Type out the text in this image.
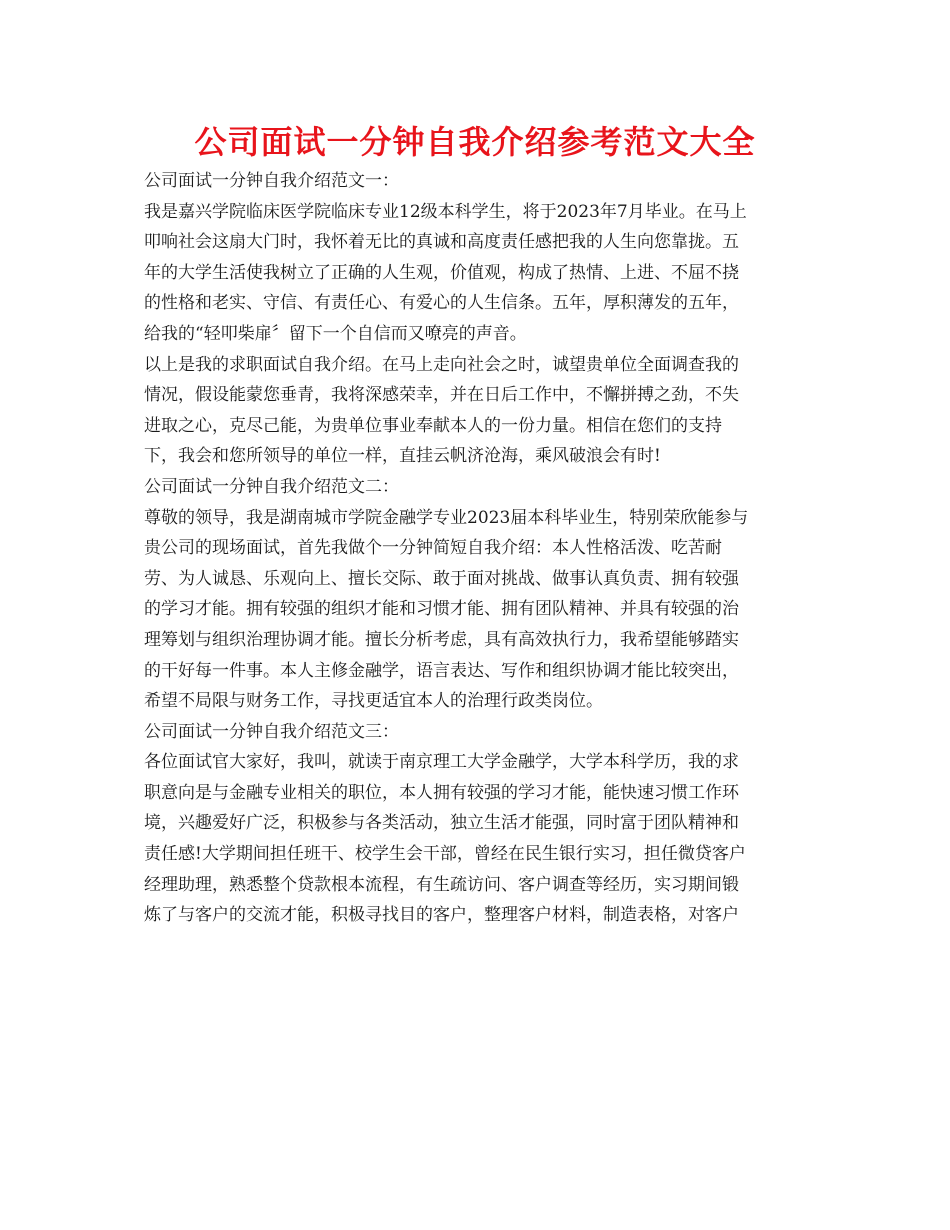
公司面试一分钟自我介绍参考范文大全
公司面试一分钟自我介绍范文一：
我是嘉兴学院临床医学院临床专业12级本科学生，将于2023年7月毕业。在马上
叩响社会这扇大门时，我怀着无比的真诚和高度责任感把我的人生向您靠拢。五
年的大学生活使我树立了正确的人生观，价值观，构成了热情、上进、不屈不挠
的性格和老实、守信、有责任心、有爱心的人生信条。五年，厚积薄发的五年，
给我的“轻叩柴扉〞留下一个自信而又嘹亮的声音。
以上是我的求职面试自我介绍。在马上走向社会之时，诚望贵单位全面调查我的
情况，假设能蒙您垂青，我将深感荣幸，并在日后工作中，不懈拼搏之劲，不失
进取之心，克尽己能，为贵单位事业奉献本人的一份力量。相信在您们的支持
下，我会和您所领导的单位一样，直挂云帆济沧海，乘风破浪会有时!
公司面试一分钟自我介绍范文二：
尊敬的领导，我是湖南城市学院金融学专业2023届本科毕业生，特别荣欣能参与
贵公司的现场面试，首先我做个一分钟简短自我介绍：本人性格活泼、吃苦耐
劳、为人诚恳、乐观向上、擅长交际、敢于面对挑战、做事认真负责、拥有较强
的学习才能。拥有较强的组织才能和习惯才能、拥有团队精神、并具有较强的治
理筹划与组织治理协调才能。擅长分析考虑，具有高效执行力，我希望能够踏实
的干好每一件事。本人主修金融学，语言表达、写作和组织协调才能比较突出，
希望不局限与财务工作，寻找更适宜本人的治理行政类岗位。
公司面试一分钟自我介绍范文三：
各位面试官大家好，我叫，就读于南京理工大学金融学，大学本科学历，我的求
职意向是与金融专业相关的职位，本人拥有较强的学习才能，能快速习惯工作环
境，兴趣爱好广泛，积极参与各类活动，独立生活才能强，同时富于团队精神和
责任感!大学期间担任班干、校学生会干部，曾经在民生银行实习，担任微贷客户
经理助理，熟悉整个贷款根本流程，有生疏访问、客户调查等经历，实习期间锻
炼了与客户的交流才能，积极寻找目的客户，整理客户材料，制造表格，对客户
